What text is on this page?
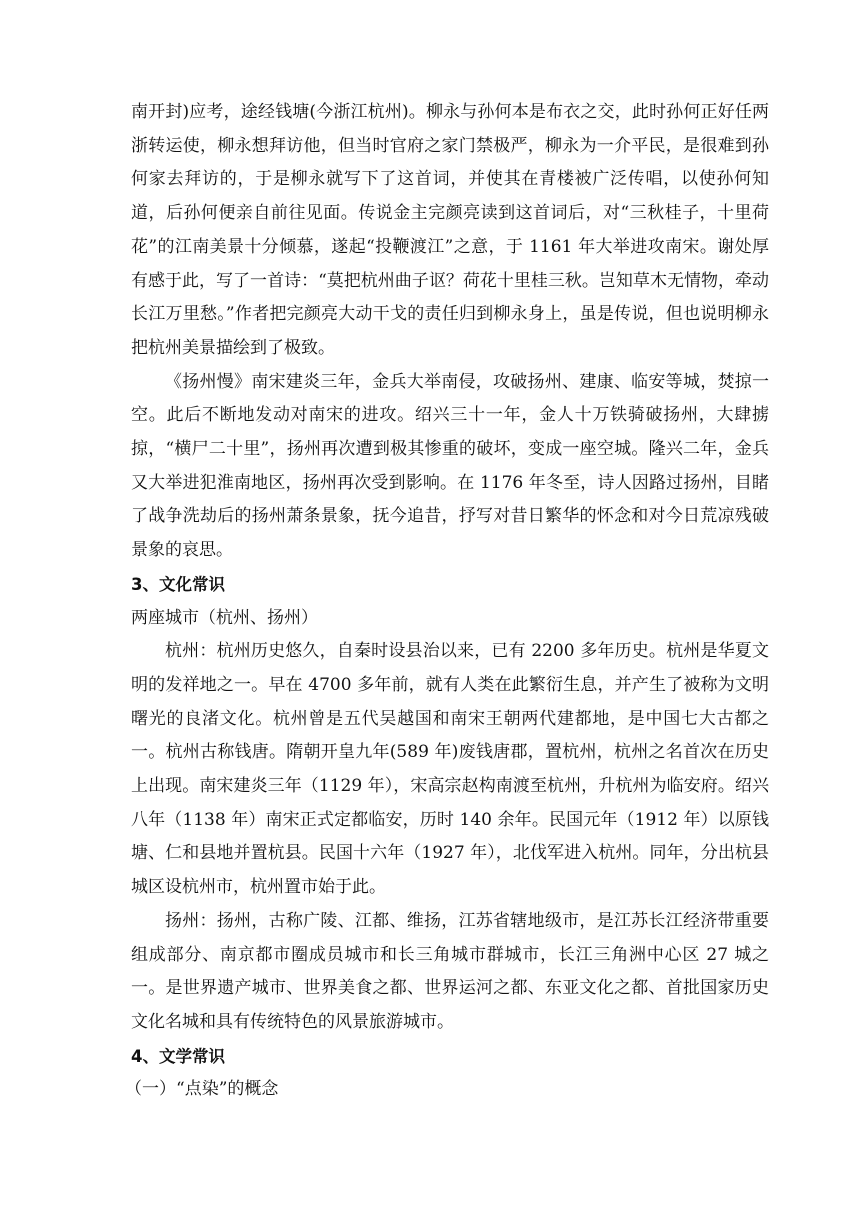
南开封)应考，途经钱塘(今浙江杭州)。柳永与孙何本是布衣之交，此时孙何正好任两浙转运使，柳永想拜访他，但当时官府之家门禁极严，柳永为一介平民，是很难到孙何家去拜访的，于是柳永就写下了这首词，并使其在青楼被广泛传唱，以使孙何知道，后孙何便亲自前往见面。传说金主完颜亮读到这首词后，对“三秋桂子，十里荷花”的江南美景十分倾慕，遂起“投鞭渡江”之意，于 1161 年大举进攻南宋。谢处厚有感于此，写了一首诗：“莫把杭州曲子讴？荷花十里桂三秋。岂知草木无情物，牵动长江万里愁。”作者把完颜亮大动干戈的责任归到柳永身上，虽是传说，但也说明柳永把杭州美景描绘到了极致。

《扬州慢》南宋建炎三年，金兵大举南侵，攻破扬州、建康、临安等城，焚掠一空。此后不断地发动对南宋的进攻。绍兴三十一年，金人十万铁骑破扬州，大肆掳掠，“横尸二十里”，扬州再次遭到极其惨重的破坏，变成一座空城。隆兴二年，金兵又大举进犯淮南地区，扬州再次受到影响。在 1176 年冬至，诗人因路过扬州，目睹了战争洗劫后的扬州萧条景象，抚今追昔，抒写对昔日繁华的怀念和对今日荒凉残破景象的哀思。

3、文化常识

两座城市（杭州、扬州）

杭州：杭州历史悠久，自秦时设县治以来，已有 2200 多年历史。杭州是华夏文明的发祥地之一。早在 4700 多年前，就有人类在此繁衍生息，并产生了被称为文明曙光的良渚文化。杭州曾是五代吴越国和南宋王朝两代建都地，是中国七大古都之一。杭州古称钱唐。隋朝开皇九年(589 年)废钱唐郡，置杭州，杭州之名首次在历史上出现。南宋建炎三年（1129 年），宋高宗赵构南渡至杭州，升杭州为临安府。绍兴八年（1138 年）南宋正式定都临安，历时 140 余年。民国元年（1912 年）以原钱塘、仁和县地并置杭县。民国十六年（1927 年），北伐军进入杭州。同年，分出杭县城区设杭州市，杭州置市始于此。

扬州：扬州，古称广陵、江都、维扬，江苏省辖地级市，是江苏长江经济带重要组成部分、南京都市圈成员城市和长三角城市群城市，长江三角洲中心区 27 城之一。是世界遗产城市、世界美食之都、世界运河之都、东亚文化之都、首批国家历史文化名城和具有传统特色的风景旅游城市。

4、文学常识

（一）“点染”的概念
